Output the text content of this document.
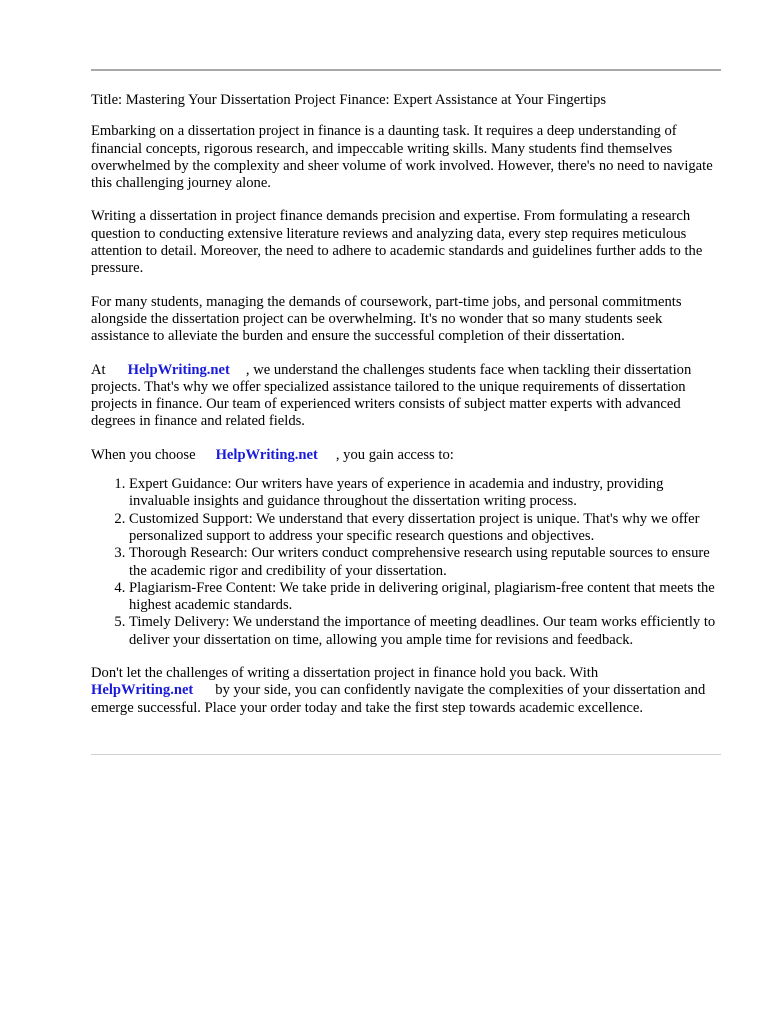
Title: Mastering Your Dissertation Project Finance: Expert Assistance at Your Fingertips

Embarking on a dissertation project in finance is a daunting task. It requires a deep understanding of financial concepts, rigorous research, and impeccable writing skills. Many students find themselves overwhelmed by the complexity and sheer volume of work involved. However, there's no need to navigate this challenging journey alone.

Writing a dissertation in project finance demands precision and expertise. From formulating a research question to conducting extensive literature reviews and analyzing data, every step requires meticulous attention to detail. Moreover, the need to adhere to academic standards and guidelines further adds to the pressure.

For many students, managing the demands of coursework, part-time jobs, and personal commitments alongside the dissertation project can be overwhelming. It's no wonder that so many students seek assistance to alleviate the burden and ensure the successful completion of their dissertation.

At HelpWriting.net , we understand the challenges students face when tackling their dissertation projects. That's why we offer specialized assistance tailored to the unique requirements of dissertation projects in finance. Our team of experienced writers consists of subject matter experts with advanced degrees in finance and related fields.

When you choose HelpWriting.net , you gain access to:

1. Expert Guidance: Our writers have years of experience in academia and industry, providing invaluable insights and guidance throughout the dissertation writing process.
2. Customized Support: We understand that every dissertation project is unique. That's why we offer personalized support to address your specific research questions and objectives.
3. Thorough Research: Our writers conduct comprehensive research using reputable sources to ensure the academic rigor and credibility of your dissertation.
4. Plagiarism-Free Content: We take pride in delivering original, plagiarism-free content that meets the highest academic standards.
5. Timely Delivery: We understand the importance of meeting deadlines. Our team works efficiently to deliver your dissertation on time, allowing you ample time for revisions and feedback.

Don't let the challenges of writing a dissertation project in finance hold you back. With
HelpWriting.net by your side, you can confidently navigate the complexities of your dissertation and emerge successful. Place your order today and take the first step towards academic excellence.
